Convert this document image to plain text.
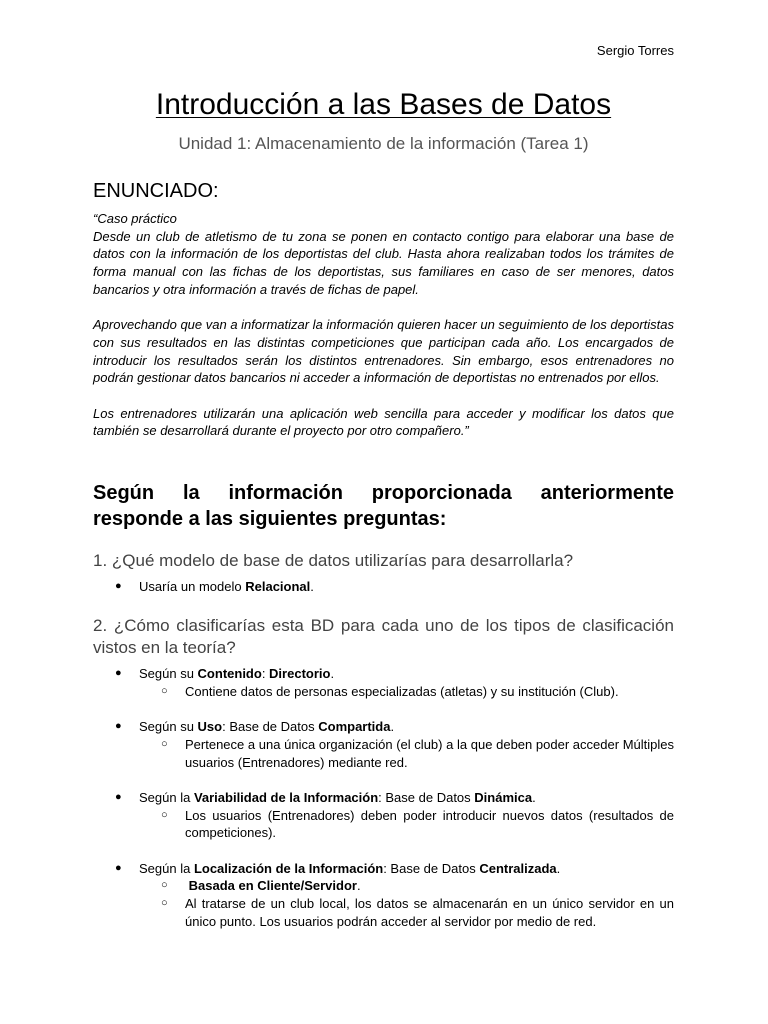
Sergio Torres
Introducción a las Bases de Datos
Unidad 1: Almacenamiento de la información (Tarea 1)
ENUNCIADO:

“Caso práctico

Desde un club de atletismo de tu zona se ponen en contacto contigo para elaborar una base de datos con la información de los deportistas del club. Hasta ahora realizaban todos los trámites de forma manual con las fichas de los deportistas, sus familiares en caso de ser menores, datos bancarios y otra información a través de fichas de papel.

Aprovechando que van a informatizar la información quieren hacer un seguimiento de los deportistas con sus resultados en las distintas competiciones que participan cada año. Los encargados de introducir los resultados serán los distintos entrenadores. Sin embargo, esos entrenadores no podrán gestionar datos bancarios ni acceder a información de deportistas no entrenados por ellos.

Los entrenadores utilizarán una aplicación web sencilla para acceder y modificar los datos que también se desarrollará durante el proyecto por otro compañero.”

Según la información proporcionada anteriormente responde a las siguientes preguntas:
1. ¿Qué modelo de base de datos utilizarías para desarrollarla?
● Usaría un modelo Relacional.
2. ¿Cómo clasificarías esta BD para cada uno de los tipos de clasificación vistos en la teoría?
● Según su Contenido: Directorio.
○ Contiene datos de personas especializadas (atletas) y su institución (Club).
● Según su Uso: Base de Datos Compartida.
○ Pertenece a una única organización (el club) a la que deben poder acceder Múltiples usuarios (Entrenadores) mediante red.
● Según la Variabilidad de la Información: Base de Datos Dinámica.
○ Los usuarios (Entrenadores) deben poder introducir nuevos datos (resultados de competiciones).
● Según la Localización de la Información: Base de Datos Centralizada.
○ Basada en Cliente/Servidor.
○ Al tratarse de un club local, los datos se almacenarán en un único servidor en un único punto. Los usuarios podrán acceder al servidor por medio de red.
